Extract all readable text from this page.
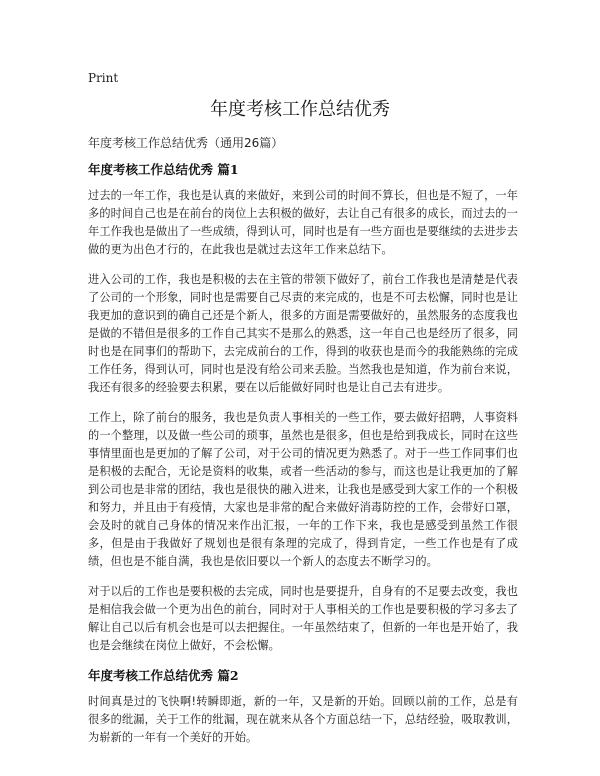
Print
年度考核工作总结优秀

年度考核工作总结优秀（通用26篇）

年度考核工作总结优秀 篇1

过去的一年工作，我也是认真的来做好，来到公司的时间不算长，但也是不短了，一年多的时间自己也是在前台的岗位上去积极的做好，去让自己有很多的成长，而过去的一年工作我也是做出了一些成绩，得到认可，同时也是有一些方面也是要继续的去进步去做的更为出色才行的，在此我也是就过去这年工作来总结下。

进入公司的工作，我也是积极的去在主管的带领下做好了，前台工作我也是清楚是代表了公司的一个形象，同时也是需要自己尽责的来完成的，也是不可去松懈，同时也是让我更加的意识到的确自己还是个新人，很多的方面是需要做好的，虽然服务的态度我也是做的不错但是很多的工作自己其实不是那么的熟悉，这一年自己也是经历了很多，同时也是在同事们的帮助下，去完成前台的工作，得到的收获也是而今的我能熟练的完成工作任务，得到认可，同时也是没有给公司来丢脸。当然我也是知道，作为前台来说，我还有很多的经验要去积累，要在以后能做好同时也是让自己去有进步。

工作上，除了前台的服务，我也是负责人事相关的一些工作，要去做好招聘，人事资料的一个整理，以及做一些公司的琐事，虽然也是很多，但也是给到我成长，同时在这些事情里面也是更加的了解了公司，对于公司的情况更为熟悉了。对于一些工作同事们也是积极的去配合，无论是资料的收集，或者一些活动的参与，而这也是让我更加的了解到公司也是非常的团结，我也是很快的融入进来，让我也是感受到大家工作的一个积极和努力，并且由于有疫情，大家也是非常的配合来做好消毒防控的工作，会带好口罩，会及时的就自己身体的情况来作出汇报，一年的工作下来，我也是感受到虽然工作很多，但是由于我做好了规划也是很有条理的完成了，得到肯定，一些工作也是有了成绩，但也是不能自满，我也是依旧要以一个新人的态度去不断学习的。

对于以后的工作也是要积极的去完成，同时也是要提升，自身有的不足要去改变，我也是相信我会做一个更为出色的前台，同时对于人事相关的工作也是要积极的学习多去了解让自己以后有机会也是可以去把握住。一年虽然结束了，但新的一年也是开始了，我也是会继续在岗位上做好，不会松懈。

年度考核工作总结优秀 篇2

时间真是过的飞快啊!转瞬即逝，新的一年，又是新的开始。回顾以前的工作，总是有很多的纰漏，关于工作的纰漏，现在就来从各个方面总结一下，总结经验，吸取教训，为崭新的一年有一个美好的开始。
